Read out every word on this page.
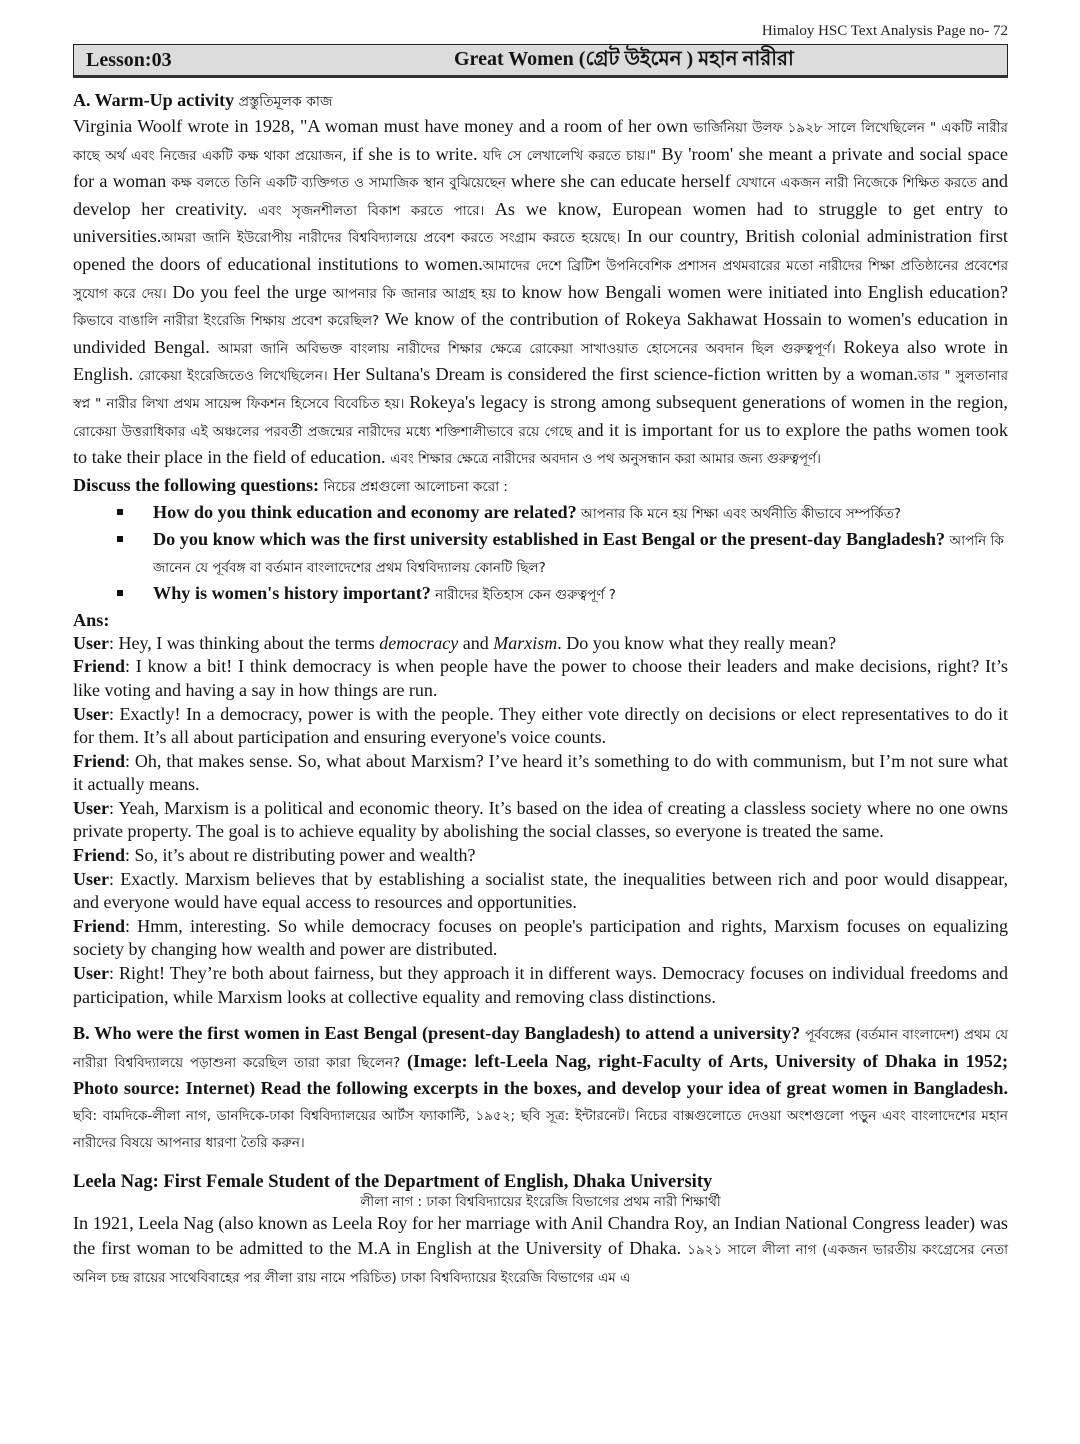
Himaloy HSC Text Analysis Page no- 72
Lesson:03	Great Women (গ্রেট উইমেন ) মহান নারীরা
A. Warm-Up activity প্রস্তুতিমূলক কাজ

Virginia Woolf wrote in 1928, "A woman must have money and a room of her own ভার্জিনিয়া উলফ ১৯২৮ সালে লিখেছিলেন " একটি নারীর কাছে অর্থ এবং নিজের একটি কক্ষ থাকা প্রয়োজন, if she is to write. যদি সে লেখালেখি করতে চায়।" By 'room' she meant a private and social space for a woman কক্ষ বলতে তিনি একটি ব্যক্তিগত ও সামাজিক স্থান বুঝিয়েছেন where she can educate herself যেখানে একজন নারী নিজেকে শিক্ষিত করতে and develop her creativity. এবং সৃজনশীলতা বিকাশ করতে পারে। As we know, European women had to struggle to get entry to universities.আমরা জানি ইউরোপীয় নারীদের বিশ্ববিদ্যালয়ে প্রবেশ করতে সংগ্রাম করতে হয়েছে। In our country, British colonial administration first opened the doors of educational institutions to women.আমাদের দেশে ব্রিটিশ উপনিবেশিক প্রশাসন প্রথমবারের মতো নারীদের শিক্ষা প্রতিষ্ঠানের প্রবেশের সুযোগ করে দেয়। Do you feel the urge আপনার কি জানার আগ্রহ হয় to know how Bengali women were initiated into English education? কিভাবে বাঙালি নারীরা ইংরেজি শিক্ষায় প্রবেশ করেছিল? We know of the contribution of Rokeya Sakhawat Hossain to women's education in undivided Bengal. আমরা জানি অবিভক্ত বাংলায় নারীদের শিক্ষার ক্ষেত্রে রোকেয়া সাখাওয়াত হোসেনের অবদান ছিল গুরুত্বপূর্ণ। Rokeya also wrote in English. রোকেয়া ইংরেজিতেও লিখেছিলেন। Her Sultana's Dream is considered the first science-fiction written by a woman.তার " সুলতানার স্বপ্ন " নারীর লিখা প্রথম সায়েন্স ফিকশন হিসেবে বিবেচিত হয়। Rokeya's legacy is strong among subsequent generations of women in the region, রোকেয়া উত্তরাধিকার এই অঞ্চলের পরবর্তী প্রজন্মের নারীদের মধ্যে শক্তিশালীভাবে রয়ে গেছে and it is important for us to explore the paths women took to take their place in the field of education. এবং শিক্ষার ক্ষেত্রে নারীদের অবদান ও পথ অনুসন্ধান করা আমার জন্য গুরুত্বপূর্ণ।

Discuss the following questions: নিচের প্রশ্নগুলো আলোচনা করো :
How do you think education and economy are related? আপনার কি মনে হয় শিক্ষা এবং অর্থনীতি কীভাবে সম্পর্কিত?
Do you know which was the first university established in East Bengal or the present-day Bangladesh? আপনি কি জানেন যে পূর্ববঙ্গ বা বর্তমান বাংলাদেশের প্রথম বিশ্ববিদ্যালয় কোনটি ছিল?
Why is women's history important? নারীদের ইতিহাস কেন গুরুত্বপূর্ণ ?
Ans:

User: Hey, I was thinking about the terms democracy and Marxism. Do you know what they really mean?

Friend: I know a bit! I think democracy is when people have the power to choose their leaders and make decisions, right? It’s like voting and having a say in how things are run.

User: Exactly! In a democracy, power is with the people. They either vote directly on decisions or elect representatives to do it for them. It’s all about participation and ensuring everyone's voice counts.

Friend: Oh, that makes sense. So, what about Marxism? I’ve heard it’s something to do with communism, but I’m not sure what it actually means.

User: Yeah, Marxism is a political and economic theory. It’s based on the idea of creating a classless society where no one owns private property. The goal is to achieve equality by abolishing the social classes, so everyone is treated the same.

Friend: So, it’s about re distributing power and wealth?

User: Exactly. Marxism believes that by establishing a socialist state, the inequalities between rich and poor would disappear, and everyone would have equal access to resources and opportunities.

Friend: Hmm, interesting. So while democracy focuses on people's participation and rights, Marxism focuses on equalizing society by changing how wealth and power are distributed.

User: Right! They’re both about fairness, but they approach it in different ways. Democracy focuses on individual freedoms and participation, while Marxism looks at collective equality and removing class distinctions.

B. Who were the first women in East Bengal (present-day Bangladesh) to attend a university? পূর্ববঙ্গের (বর্তমান বাংলাদেশ) প্রথম যে নারীরা বিশ্ববিদ্যালয়ে পড়াশুনা করেছিল তারা কারা ছিলেন? (Image: left-Leela Nag, right-Faculty of Arts, University of Dhaka in 1952; Photo source: Internet) Read the following excerpts in the boxes, and develop your idea of great women in Bangladesh. ছবি: বামদিকে-লীলা নাগ, ডানদিকে-ঢাকা বিশ্ববিদ্যালয়ের আর্টস ফ্যাকাল্টি, ১৯৫২; ছবি সূত্র: ইন্টারনেট। নিচের বাক্সগুলোতে দেওয়া অংশগুলো পড়ুন এবং বাংলাদেশের মহান নারীদের বিষয়ে আপনার ধারণা তৈরি করুন।

Leela Nag: First Female Student of the Department of English, Dhaka University
লীলা নাগ : ঢাকা বিশ্ববিদ্যায়ের ইংরেজি বিভাগের প্রথম নারী শিক্ষার্থী

In 1921, Leela Nag (also known as Leela Roy for her marriage with Anil Chandra Roy, an Indian National Congress leader) was the first woman to be admitted to the M.A in English at the University of Dhaka. ১৯২১ সালে লীলা নাগ (একজন ভারতীয় কংগ্রেসের নেতা অনিল চন্দ্র রায়ের সাথেবিবাহের পর লীলা রায় নামে পরিচিত) ঢাকা বিশ্ববিদ্যায়ের ইংরেজি বিভাগের এম এ
